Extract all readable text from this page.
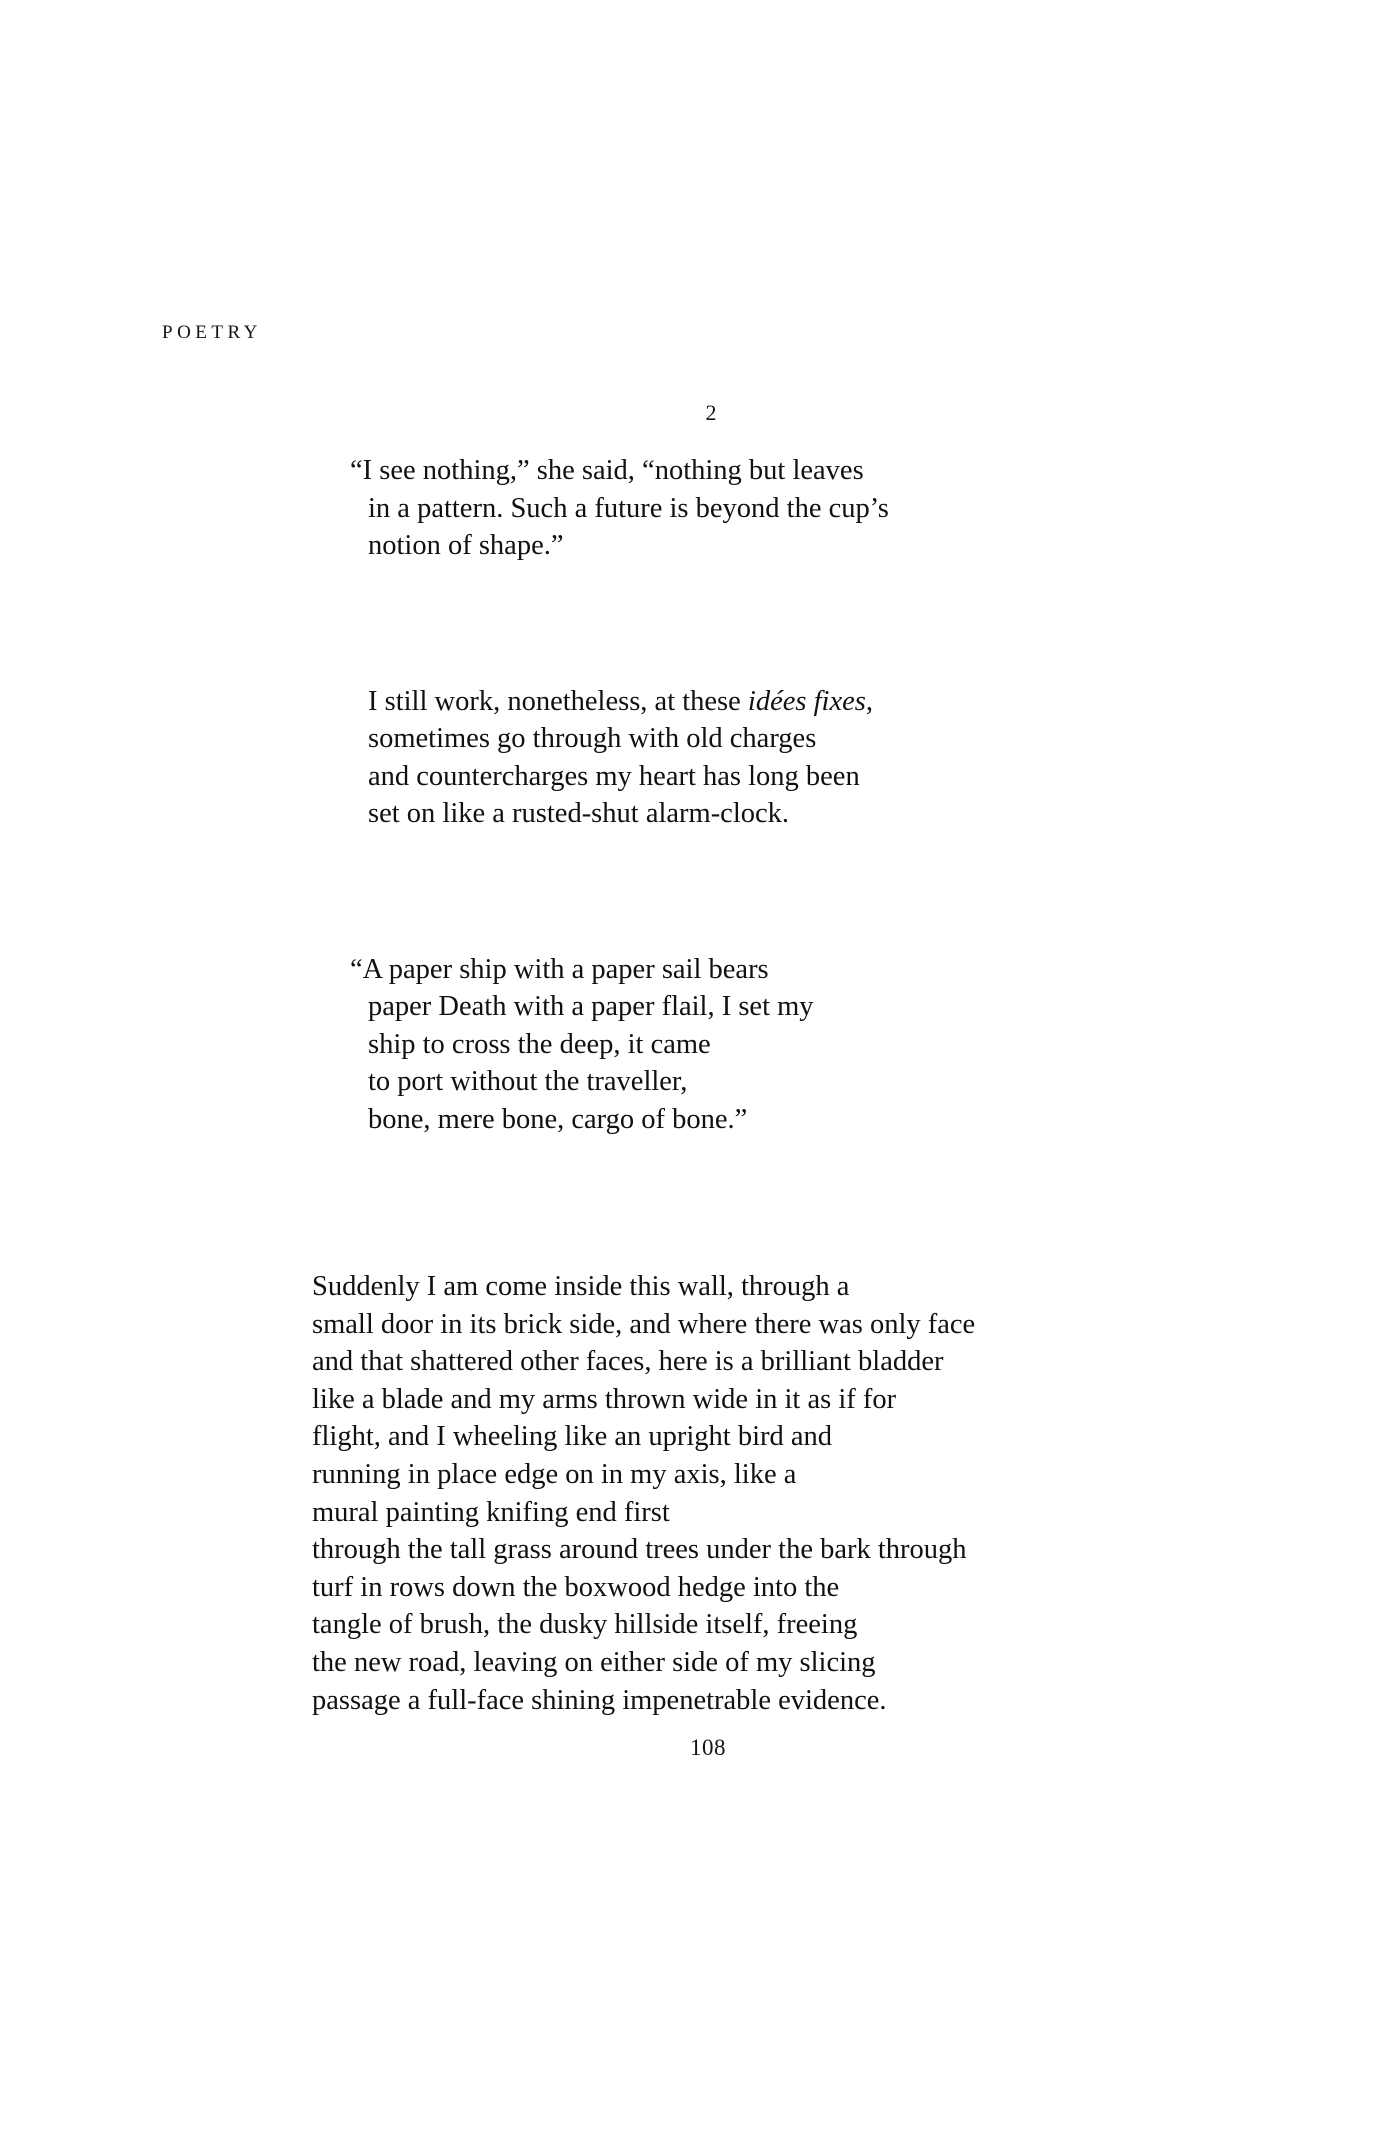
POETRY
2
“I see nothing,” she said, “nothing but leaves
in a pattern. Such a future is beyond the cup’s
notion of shape.”
I still work, nonetheless, at these idées fixes,
sometimes go through with old charges
and countercharges my heart has long been
set on like a rusted-shut alarm-clock.
“A paper ship with a paper sail bears
paper Death with a paper flail, I set my
ship to cross the deep, it came
to port without the traveller,
bone, mere bone, cargo of bone.”
Suddenly I am come inside this wall, through a
small door in its brick side, and where there was only face
and that shattered other faces, here is a brilliant bladder
like a blade and my arms thrown wide in it as if for
flight, and I wheeling like an upright bird and
running in place edge on in my axis, like a
mural painting knifing end first
through the tall grass around trees under the bark through
turf in rows down the boxwood hedge into the
tangle of brush, the dusky hillside itself, freeing
the new road, leaving on either side of my slicing
passage a full-face shining impenetrable evidence.
108
